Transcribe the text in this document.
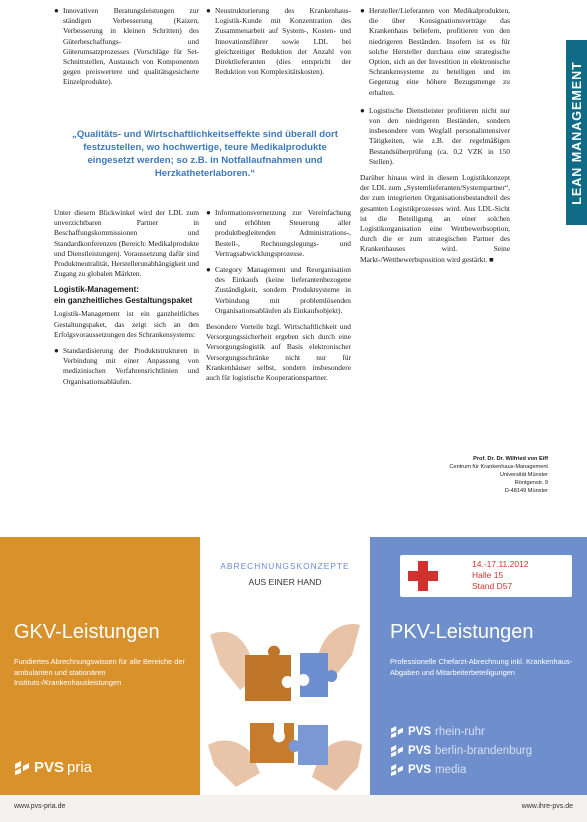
● Innovativen Beratungsleistungen zur ständigen Verbesserung (Kaizen, Verbesserung in kleinen Schritten) des Güterbeschaffungs- und Güterumsatzprozesses (Vorschläge für Set-Schnittstellen, Austausch von Komponenten gegen preiswertere und qualitätsgesicherte Einzelprodukte).
● Neustrukturierung des Krankenhaus-Logistik-Kunde mit Konzentration des Zusammenarbeit auf System-, Kosten- und Innovationsführer sowie LDL bei gleichzeitiger Reduktion der Anzahl von Direktlieferanten (dies entspricht der Reduktion von Komplexitätskosten).
„Qualitäts- und Wirtschaftlichkeitseffekte sind überall dort festzustellen, wo hochwertige, teure Medikalprodukte eingesetzt werden; so z.B. in Notfallaufnahmen und Herzkatheterlaboren.“

Unter diesem Blickwinkel wird der LDL zum unverzichtbaren Partner in Beschaffungskommissionen und Standardkonferenzen (Bereich: Medikalprodukte und Dienstleistungen). Voraussetzung dafür sind Produktneutralität, Herstellerunabhängigkeit und Zugang zu globalen Märkten.

Logistik-Management:
ein ganzheitliches Gestaltungspaket

Logistik-Management ist ein ganzheitliches Gestaltungspaket, das zeigt sich an den Erfolgsvoraussetzungen des Schrankensystems:

● Standardisierung der Produktstrukturen in Verbindung mit einer Anpassung von medizinischen Verfahrensrichtlinien und Organisationsabläufen.
● Informationsvernetzung zur Vereinfachung und erhöhten Steuerung aller produktbegleitenden Administrations-, Bestell-, Rechnungslegungs- und Vertragsabwicklungsprozesse.
● Category Management und Reorganisation des Einkaufs (keine lieferantenbezogene Zuständigkeit, sondern Produktsysteme in Verbindung mit problemlösenden Organisationsabläufen als Einkaufsobjekt).

Besondere Vorteile bzgl. Wirtschaftlichkeit und Versorgungssicherheit ergeben sich durch eine Versorgungslogistik auf Basis elektronischer Versorgungsschränke nicht nur für Krankenhäuser selbst, sondern insbesondere auch für logistische Kooperationspartner.

● Hersteller/Lieferanten von Medikalprodukten, die über Konsignationsverträge das Krankenhaus beliefern, profitieren von den niedrigeren Beständen. Insofern ist es für solche Hersteller durchaus eine strategische Option, sich an der Investition in elektronische Schrankensysteme zu beteiligen und im Gegenzug eine höhere Bezugsmenge zu erhalten.
● Logistische Dienstleister profitieren nicht nur von den niedrigeren Beständen, sondern insbesondere vom Wegfall personalintensiver Tätigkeiten, wie z.B. der regelmäßigen Bestandsüberprüfung (ca. 0,2 VZK in 150 Stellen).

Darüber hinaus wird in diesem Logistikkonzept der LDL zum „Systemlieferanten/Systempartner“, der zum integrierten Organisationsbestandteil des gesamten Logistikprozesses wird. Aus LDL-Sicht ist die Beteiligung an einer solchen Logistikorganisation eine Wettbewerbsoption, durch die er zum strategischen Partner des Krankenhauses wird. Seine Markt-/Wettbewerbsposition wird gestärkt. ■

LEAN MANAGEMENT
Prof. Dr. Dr. Wilfried von Eiff
Centrum für Krankenhaus-Management
Universität Münster
Röntgenstr. 9
D-48149 Münster
GKV-Leistungen
Fundiertes Abrechnungswissen für alle Bereiche der ambulanten und stationären Instituts-/Krankenhausleistungen
PVS pria
ABRECHNUNGSKONZEPTE
AUS EINER HAND
14.-17.11.2012
Halle 15
Stand D57
PKV-Leistungen
Professionelle Chefarzt-Abrechnung inkl. Krankenhaus-Abgaben und Mitarbeiterbeteiligungen
PVS rhein-ruhr
PVS berlin-brandenburg
PVS media
www.pvs-pria.de	www.ihre-pvs.de
